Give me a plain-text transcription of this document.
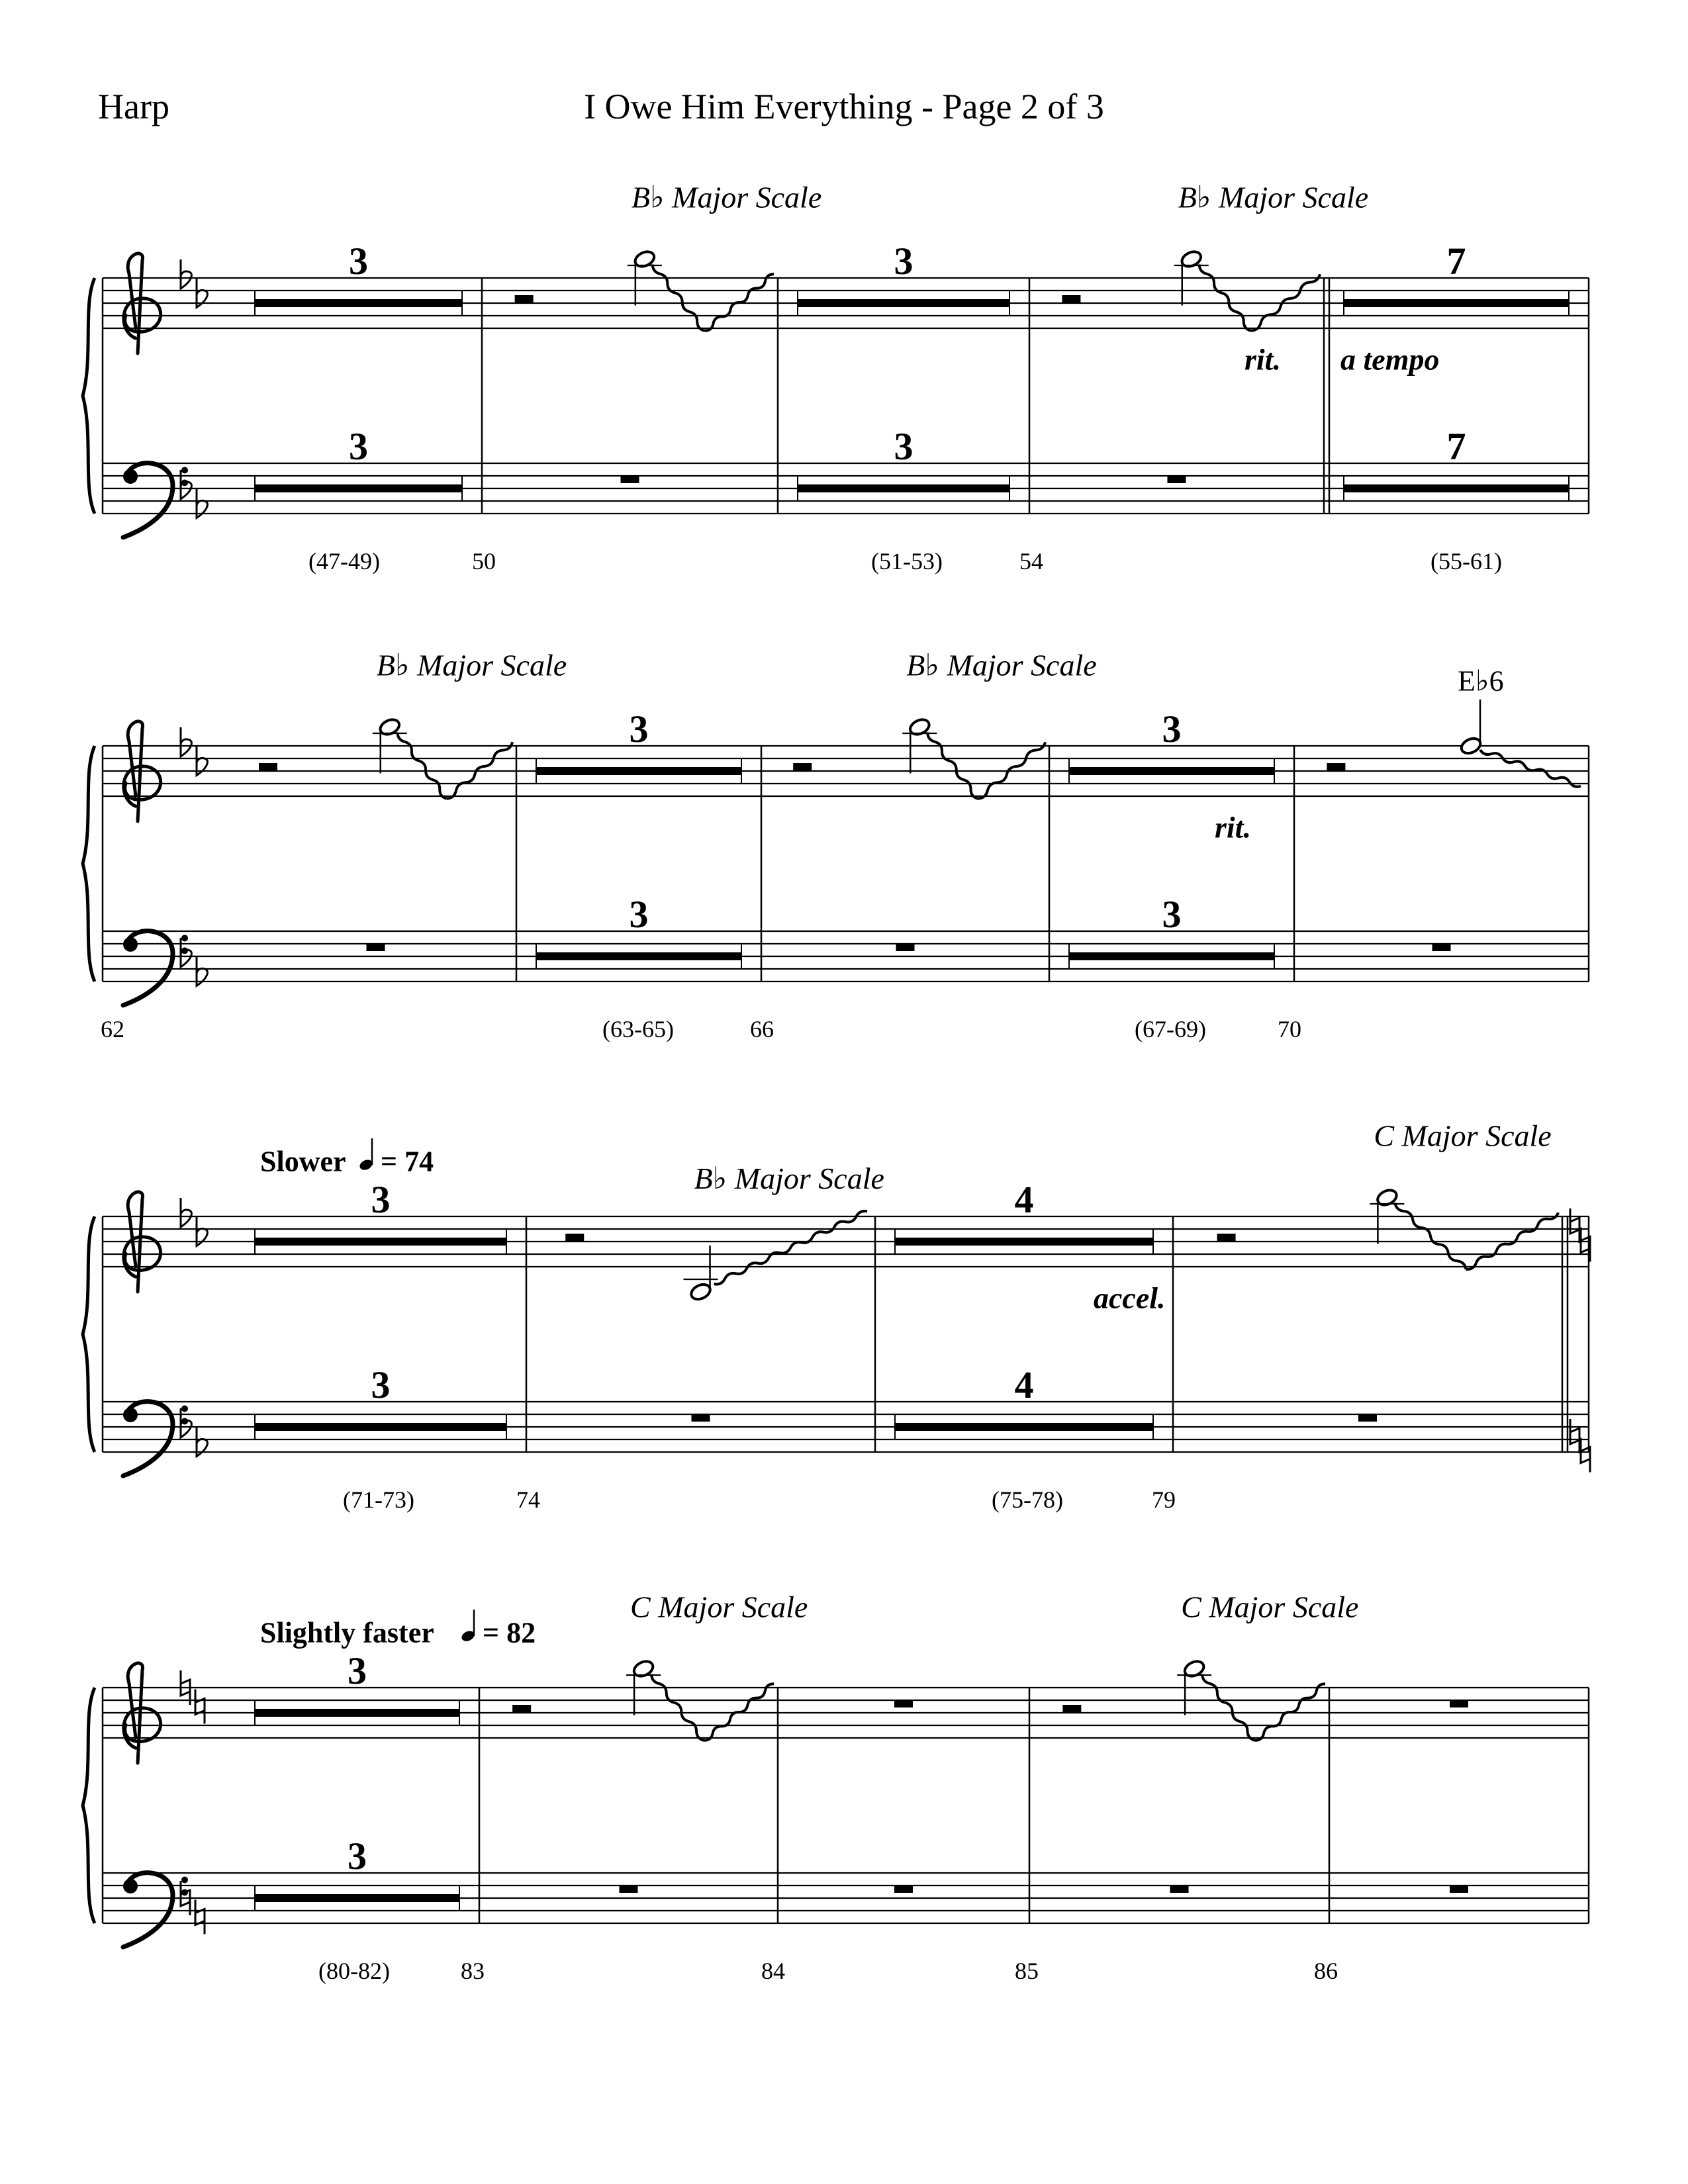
Harp	I Owe Him Everything - Page 2 of 3
3
3
(47-49)
B♭ Major Scale
50
3
3
(51-53)
B♭ Major Scale
rit.
54
7
7
a tempo
(55-61)
B♭ Major Scale
62
3
3
(63-65)
B♭ Major Scale
66
3
3
rit.
(67-69)
E♭6
70
Slower = 74
3
3
(71-73)
B♭ Major Scale
74
4
4
accel.
(75-78)
C Major Scale
79
Slightly faster = 82
3
3
(80-82)
C Major Scale
83	84
C Major Scale
85	86
